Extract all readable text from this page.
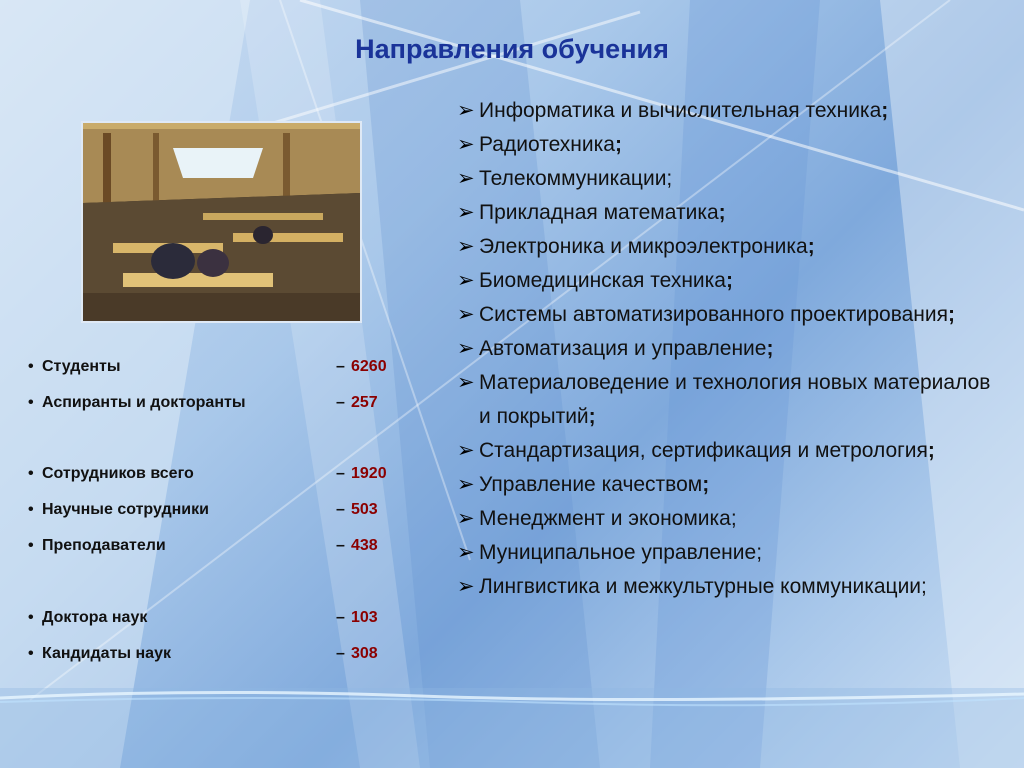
Направления обучения
• Студенты	– 6260
• Аспиранты и докторанты	– 257
• Сотрудников всего	– 1920
• Научные сотрудники	– 503
• Преподаватели	– 438
• Доктора наук	– 103
• Кандидаты наук	– 308
➢ Информатика и вычислительная техника;
➢ Радиотехника;
➢ Телекоммуникации;
➢ Прикладная математика;
➢ Электроника и микроэлектроника;
➢ Биомедицинская техника;
➢ Системы автоматизированного проектирования;
➢ Автоматизация и управление;
➢ Материаловедение и технология новых материалов и покрытий;
➢ Стандартизация, сертификация и метрология;
➢ Управление качеством;
➢ Менеджмент и экономика;
➢ Муниципальное управление;
➢ Лингвистика и межкультурные коммуникации;
